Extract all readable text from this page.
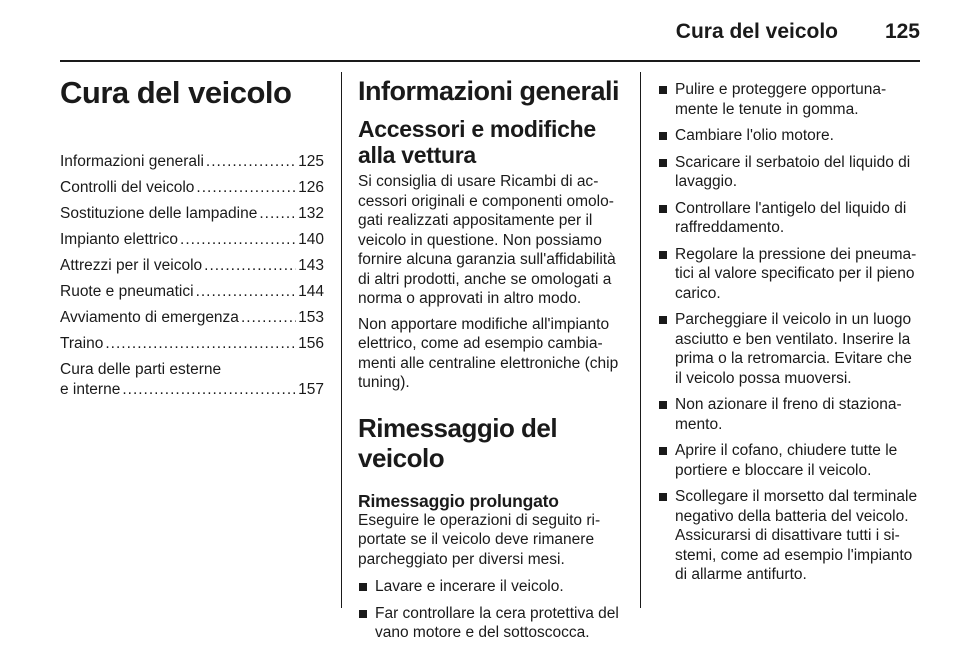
Cura del veicolo 125
Cura del veicolo
Informazioni generali .....	125
Controlli del veicolo .....	126
Sostituzione delle lampadine .....	132
Impianto elettrico .....	140
Attrezzi per il veicolo .....	143
Ruote e pneumatici .....	144
Avviamento di emergenza .....	153
Traino .....	156
Cura delle parti esterne
e interne .....	157
Informazioni generali
Accessori e modifiche alla vettura

Si consiglia di usare Ricambi di accessori originali e componenti omologati realizzati appositamente per il veicolo in questione. Non possiamo fornire alcuna garanzia sull'affidabilità di altri prodotti, anche se omologati a norma o approvati in altro modo.

Non apportare modifiche all'impianto elettrico, come ad esempio cambiamenti alle centraline elettroniche (chip tuning).

Rimessaggio del veicolo
Rimessaggio prolungato

Eseguire le operazioni di seguito riportate se il veicolo deve rimanere parcheggiato per diversi mesi.

Lavare e incerare il veicolo.
Far controllare la cera protettiva del vano motore e del sottoscocca.
Pulire e proteggere opportunamente le tenute in gomma.
Cambiare l'olio motore.
Scaricare il serbatoio del liquido di lavaggio.
Controllare l'antigelo del liquido di raffreddamento.
Regolare la pressione dei pneumatici al valore specificato per il pieno carico.
Parcheggiare il veicolo in un luogo asciutto e ben ventilato. Inserire la prima o la retromarcia. Evitare che il veicolo possa muoversi.
Non azionare il freno di stazionamento.
Aprire il cofano, chiudere tutte le portiere e bloccare il veicolo.
Scollegare il morsetto dal terminale negativo della batteria del veicolo. Assicurarsi di disattivare tutti i sistemi, come ad esempio l'impianto di allarme antifurto.
